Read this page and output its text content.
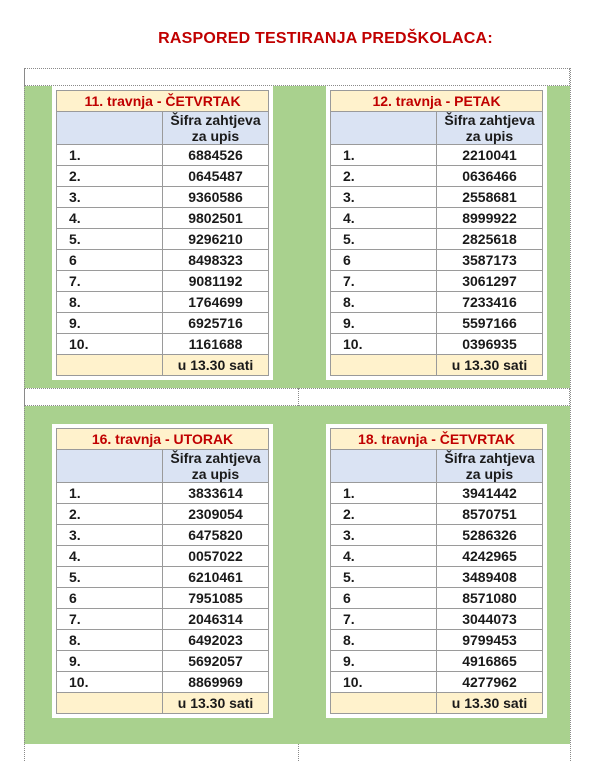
RASPORED TESTIRANJA PREDŠKOLACA:
11. travnja - ČETVRTAK	
	Šifra zahtjeva za upis
1.	6884526
2.	0645487
3.	9360586
4.	9802501
5.	9296210
6	8498323
7.	9081192
8.	1764699
9.	6925716
10.	1161688
	u 13.30 sati
12. travnja - PETAK	
	Šifra zahtjeva za upis
1.	2210041
2.	0636466
3.	2558681
4.	8999922
5.	2825618
6	3587173
7.	3061297
8.	7233416
9.	5597166
10.	0396935
	u 13.30 sati
16. travnja - UTORAK	
	Šifra zahtjeva za upis
1.	3833614
2.	2309054
3.	6475820
4.	0057022
5.	6210461
6	7951085
7.	2046314
8.	6492023
9.	5692057
10.	8869969
	u 13.30 sati
18. travnja - ČETVRTAK	
	Šifra zahtjeva za upis
1.	3941442
2.	8570751
3.	5286326
4.	4242965
5.	3489408
6	8571080
7.	3044073
8.	9799453
9.	4916865
10.	4277962
	u 13.30 sati
